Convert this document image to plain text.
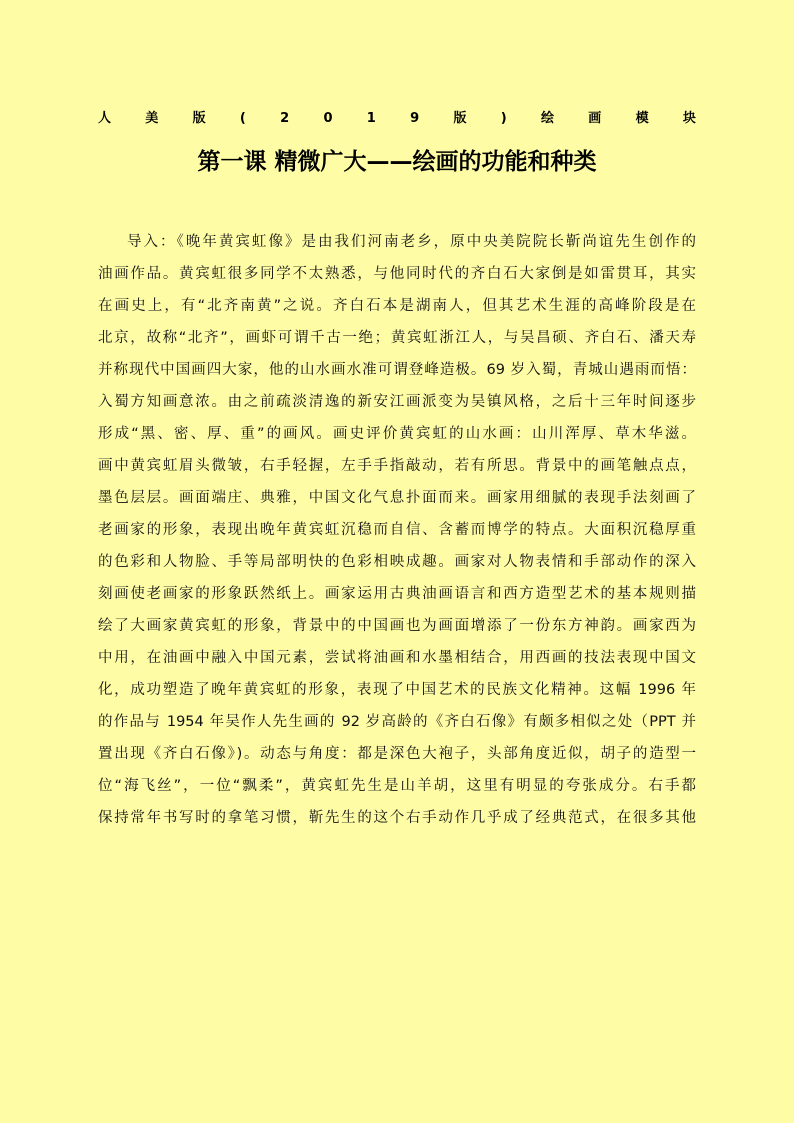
人	美	版	(	2	0	1	9	版	)	绘	画	模	块
第一课 精微广大——绘画的功能和种类
导入：《晚年黄宾虹像》是由我们河南老乡，原中央美院院长靳尚谊先生创作的
油画作品。黄宾虹很多同学不太熟悉，与他同时代的齐白石大家倒是如雷贯耳，其实
在画史上，有“北齐南黄”之说。齐白石本是湖南人，但其艺术生涯的高峰阶段是在
北京，故称“北齐”，画虾可谓千古一绝；黄宾虹浙江人，与吴昌硕、齐白石、潘天寿
并称现代中国画四大家，他的山水画水准可谓登峰造极。69 岁入蜀，青城山遇雨而悟：
入蜀方知画意浓。由之前疏淡清逸的新安江画派变为吴镇风格，之后十三年时间逐步
形成“黑、密、厚、重”的画风。画史评价黄宾虹的山水画：山川浑厚、草木华滋。
画中黄宾虹眉头微皱，右手轻握，左手手指敲动，若有所思。背景中的画笔触点点，
墨色层层。画面端庄、典雅，中国文化气息扑面而来。画家用细腻的表现手法刻画了
老画家的形象，表现出晚年黄宾虹沉稳而自信、含蓄而博学的特点。大面积沉稳厚重
的色彩和人物脸、手等局部明快的色彩相映成趣。画家对人物表情和手部动作的深入
刻画使老画家的形象跃然纸上。画家运用古典油画语言和西方造型艺术的基本规则描
绘了大画家黄宾虹的形象，背景中的中国画也为画面增添了一份东方神韵。画家西为
中用，在油画中融入中国元素，尝试将油画和水墨相结合，用西画的技法表现中国文
化，成功塑造了晚年黄宾虹的形象，表现了中国艺术的民族文化精神。这幅 1996 年
的作品与 1954 年吴作人先生画的 92 岁高龄的《齐白石像》有颇多相似之处（PPT 并
置出现《齐白石像》)。动态与角度：都是深色大袍子，头部角度近似，胡子的造型一
位“海飞丝”，一位“飘柔”，黄宾虹先生是山羊胡，这里有明显的夸张成分。右手都
保持常年书写时的拿笔习惯，靳先生的这个右手动作几乎成了经典范式，在很多其他
